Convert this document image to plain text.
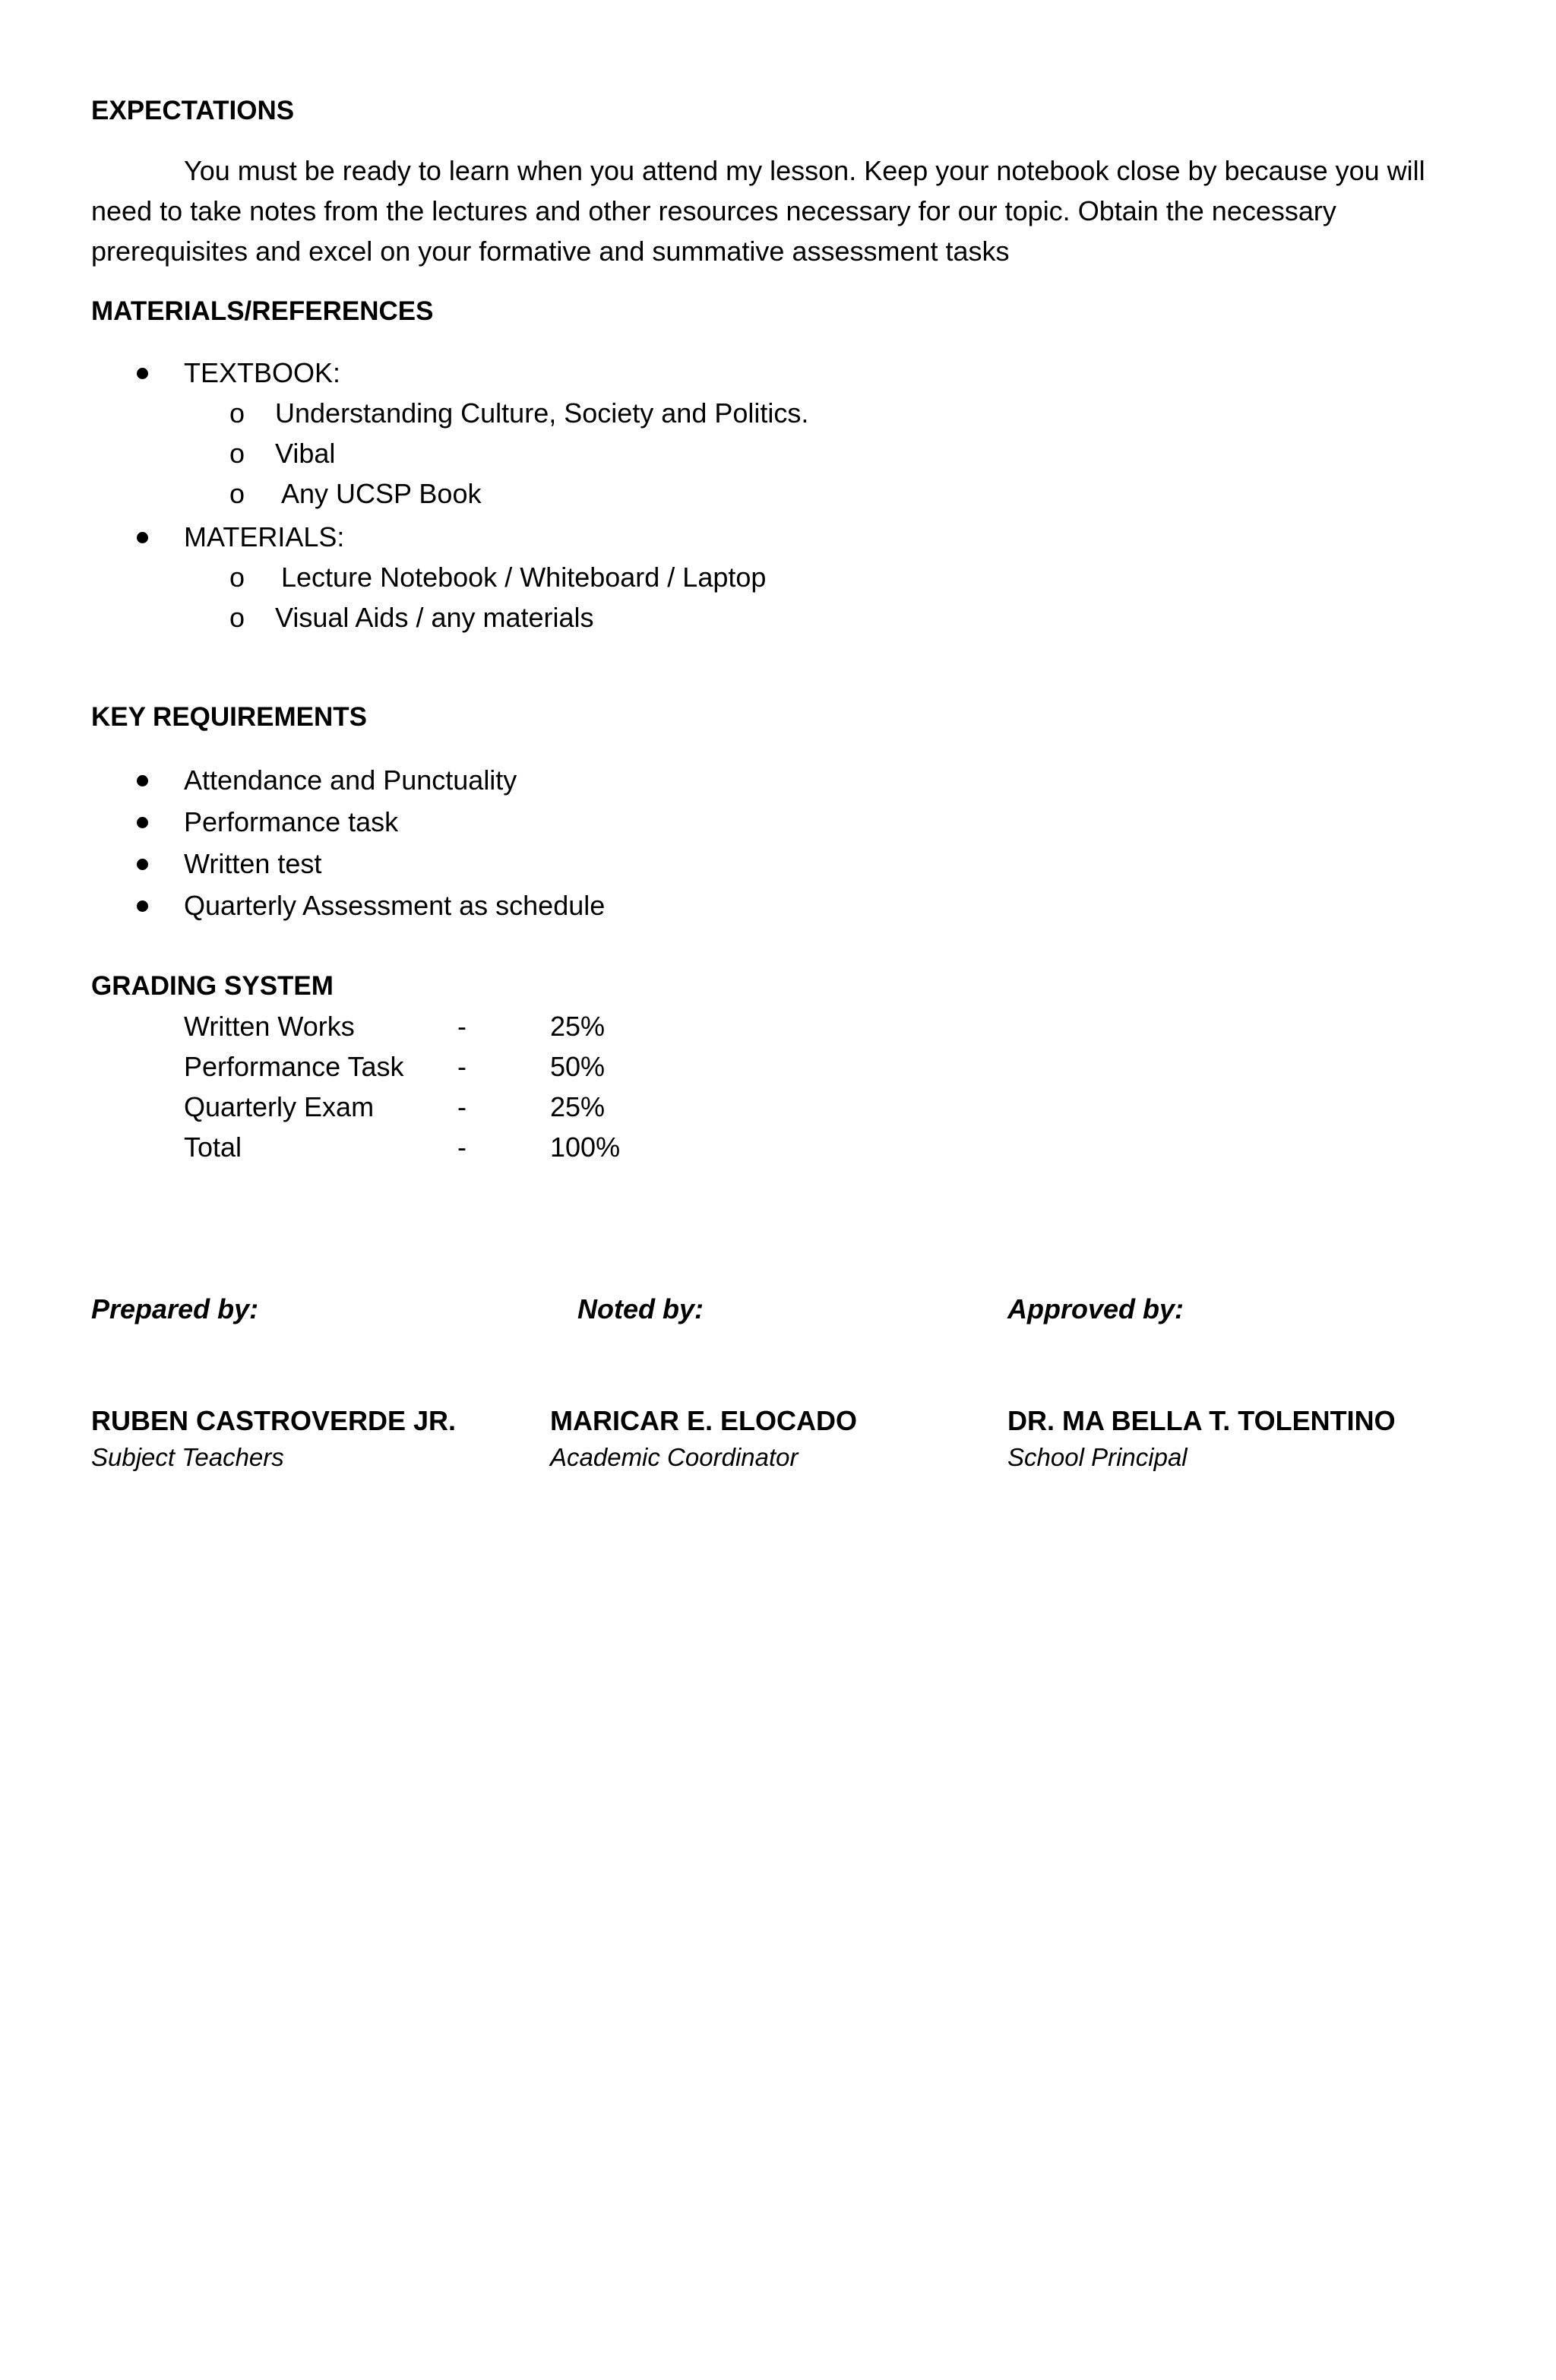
EXPECTATIONS
You must be ready to learn when you attend my lesson. Keep your notebook close by because you will need to take notes from the lectures and other resources necessary for our topic. Obtain the necessary prerequisites and excel on your formative and summative assessment tasks
MATERIALS/REFERENCES
TEXTBOOK:
o Understanding Culture, Society and Politics.
o Vibal
o Any UCSP Book
MATERIALS:
o Lecture Notebook / Whiteboard / Laptop
o Visual Aids / any materials
KEY REQUIREMENTS
Attendance and Punctuality
Performance task
Written test
Quarterly Assessment as schedule
GRADING SYSTEM
Written Works	-	25%
Performance Task -	50%
Quarterly Exam	-	25%
Total	-	100%
Prepared by:	Noted by:	Approved by:
RUBEN CASTROVERDE JR.	MARICAR E. ELOCADO	DR. MA BELLA T. TOLENTINO
Subject Teachers	Academic Coordinator	School Principal
